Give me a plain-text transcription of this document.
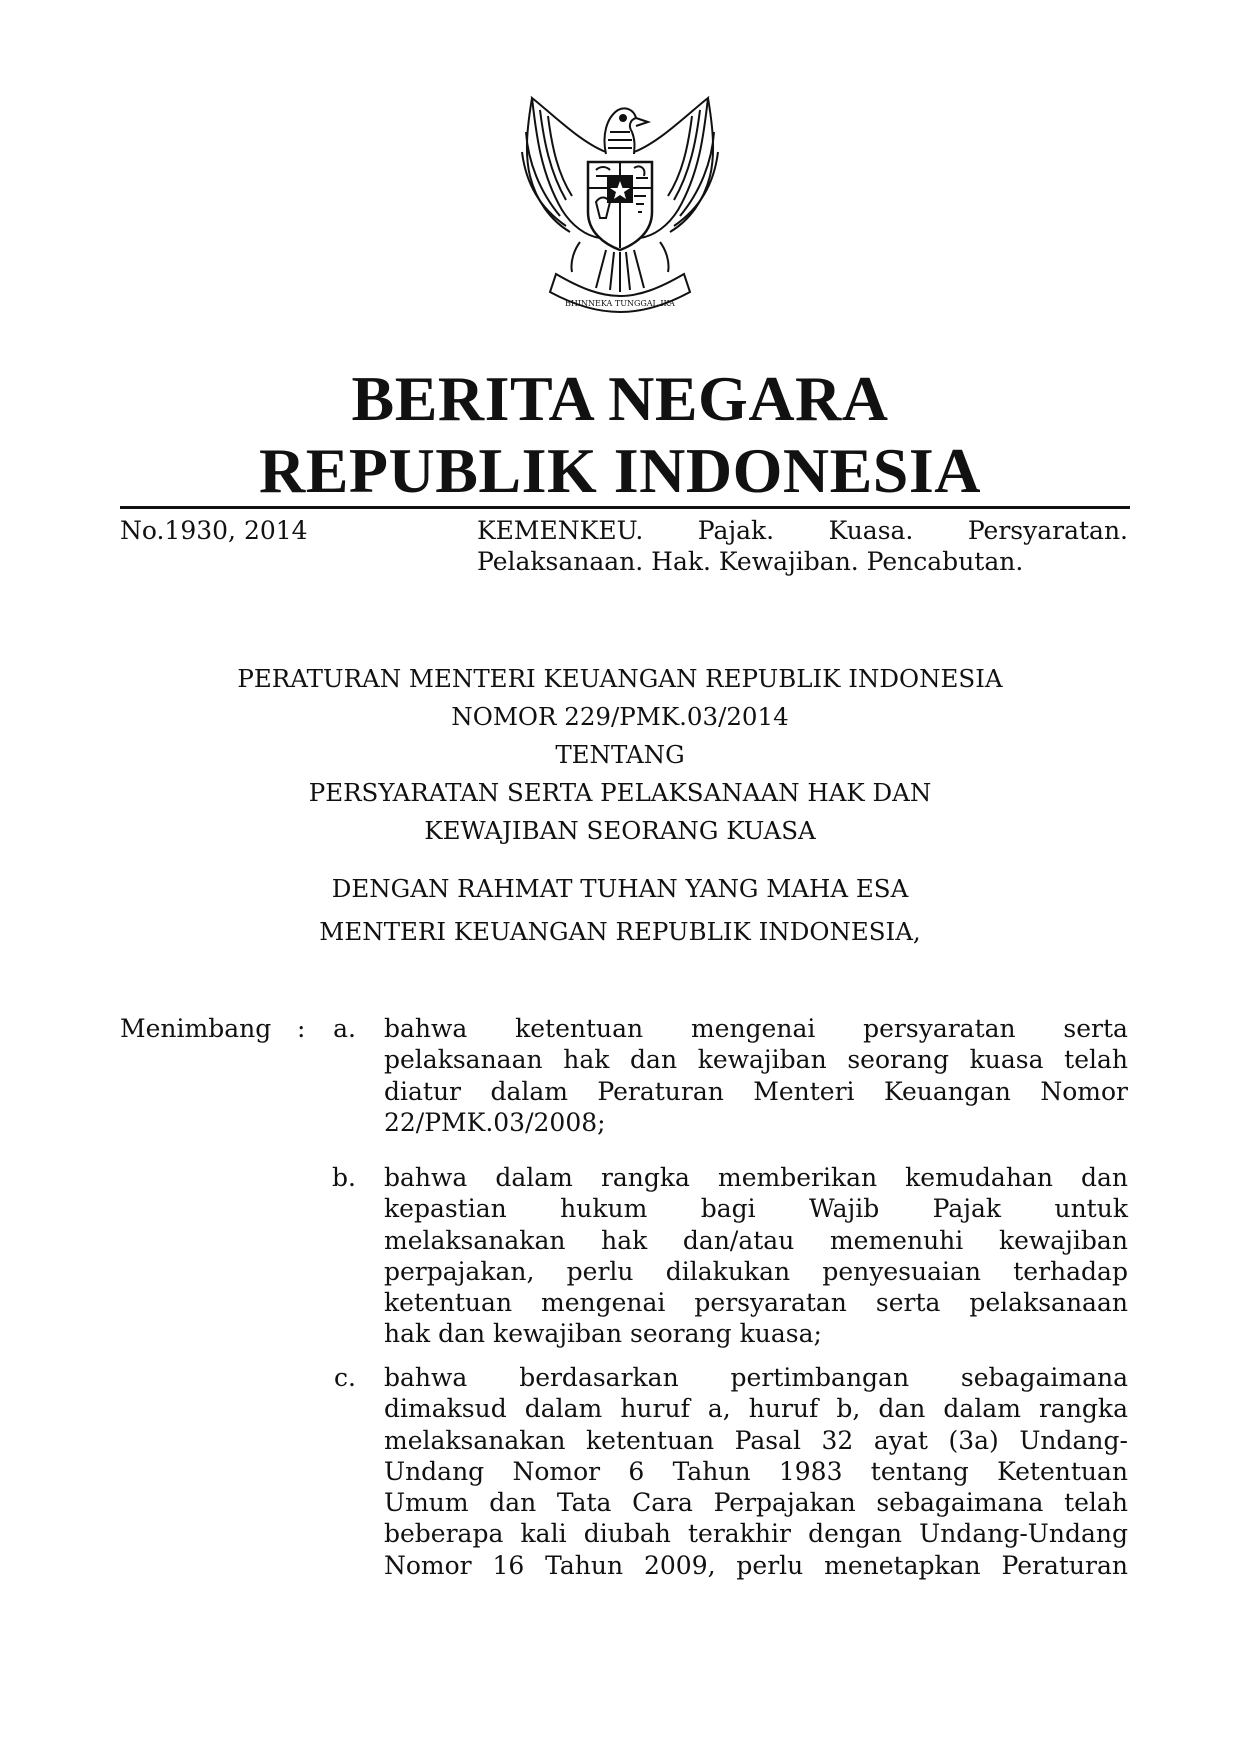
BHINNEKA TUNGGAL IKA
BERITA NEGARA
REPUBLIK INDONESIA
No.1930, 2014	KEMENKEU. Pajak. Kuasa. Persyaratan.
Pelaksanaan. Hak. Kewajiban. Pencabutan.
PERATURAN MENTERI KEUANGAN REPUBLIK INDONESIA
NOMOR 229/PMK.03/2014
TENTANG
PERSYARATAN SERTA PELAKSANAAN HAK DAN
KEWAJIBAN SEORANG KUASA
DENGAN RAHMAT TUHAN YANG MAHA ESA
MENTERI KEUANGAN REPUBLIK INDONESIA,
Menimbang :	a. bahwa ketentuan mengenai persyaratan serta
pelaksanaan hak dan kewajiban seorang kuasa telah
diatur dalam Peraturan Menteri Keuangan Nomor
22/PMK.03/2008;
b. bahwa dalam rangka memberikan kemudahan dan
kepastian hukum bagi Wajib Pajak untuk
melaksanakan hak dan/atau memenuhi kewajiban
perpajakan, perlu dilakukan penyesuaian terhadap
ketentuan mengenai persyaratan serta pelaksanaan
hak dan kewajiban seorang kuasa;
c. bahwa berdasarkan pertimbangan sebagaimana
dimaksud dalam huruf a, huruf b, dan dalam rangka
melaksanakan ketentuan Pasal 32 ayat (3a) Undang-
Undang Nomor 6 Tahun 1983 tentang Ketentuan
Umum dan Tata Cara Perpajakan sebagaimana telah
beberapa kali diubah terakhir dengan Undang-Undang
Nomor 16 Tahun 2009, perlu menetapkan Peraturan
